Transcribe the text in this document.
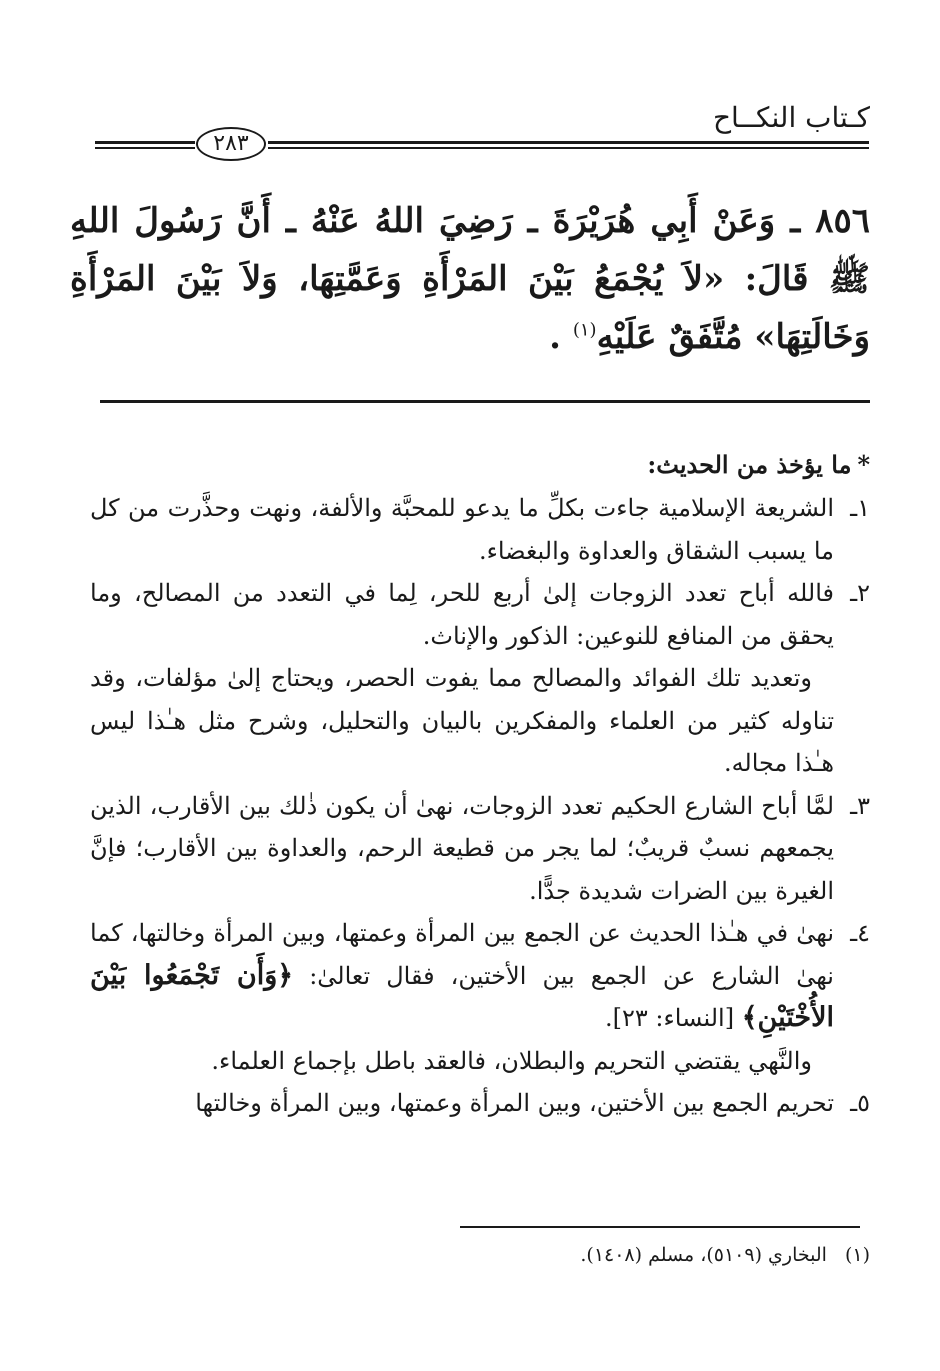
كـتاب النكــاح
٢٨٣
٨٥٦ ـ وَعَنْ أَبِي هُرَيْرَةَ ـ رَضِيَ اللهُ عَنْهُ ـ أَنَّ رَسُولَ اللهِ ﷺ قَالَ: «لاَ يُجْمَعُ بَيْنَ المَرْأَةِ وَعَمَّتِهَا، وَلاَ بَيْنَ المَرْأَةِ وَخَالَتِهَا» مُتَّفَقٌ عَلَيْهِ$^{(١)}$ .
*ما يؤخذ من الحديث:
١ـالشريعة الإسلامية جاءت بكلِّ ما يدعو للمحبَّة والألفة، ونهت وحذَّرت من كل ما يسبب الشقاق والعداوة والبغضاء.
٢ـفالله أباح تعدد الزوجات إلىٰ أربع للحر، لِما في التعدد من المصالح، وما يحقق من المنافع للنوعين: الذكور والإناث.
وتعديد تلك الفوائد والمصالح مما يفوت الحصر، ويحتاج إلىٰ مؤلفات، وقد تناوله كثير من العلماء والمفكرين بالبيان والتحليل، وشرح مثل هـٰذا ليس هـٰذا مجاله.
٣ـلمَّا أباح الشارع الحكيم تعدد الزوجات، نهىٰ أن يكون ذٰلك بين الأقارب، الذين يجمعهم نسبٌ قريبٌ؛ لما يجر من قطيعة الرحم، والعداوة بين الأقارب؛ فإنَّ الغيرة بين الضرات شديدة جدًّا.
٤ـنهىٰ في هـٰذا الحديث عن الجمع بين المرأة وعمتها، وبين المرأة وخالتها، كما نهىٰ الشارع عن الجمع بين الأختين، فقال تعالىٰ: ﴿وَأَن تَجْمَعُوا بَيْنَ الأُخْتَيْنِ﴾ [النساء: ٢٣].
والنَّهي يقتضي التحريم والبطلان، فالعقد باطل بإجماع العلماء.
٥ـتحريم الجمع بين الأختين، وبين المرأة وعمتها، وبين المرأة وخالتها
(١)البخاري (٥١٠٩)، مسلم (١٤٠٨).
